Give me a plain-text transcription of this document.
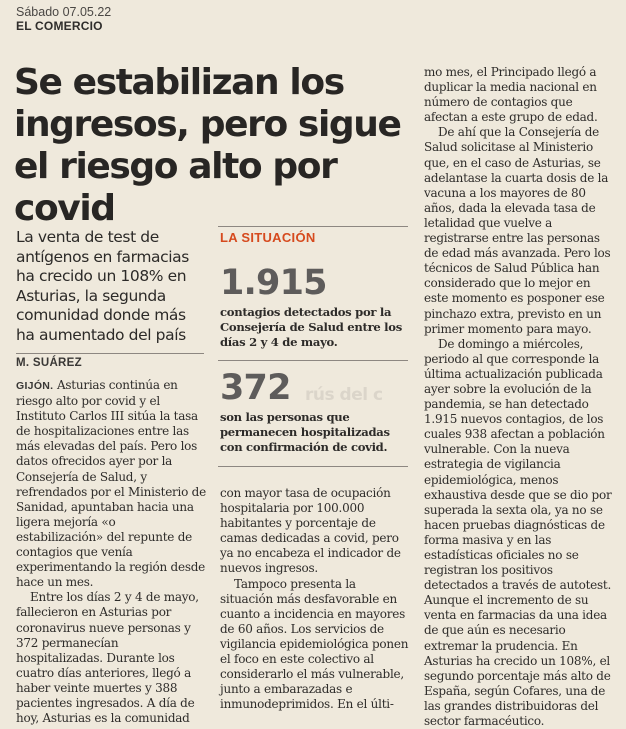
Sábado 07.05.22
EL COMERCIO
Se estabilizan los ingresos, pero sigue el riesgo alto por covid
La venta de test de antígenos en farmacias ha crecido un 108% en Asturias, la segunda comunidad donde más ha aumentado del país
M. SUÁREZ
LA SITUACIÓN
1.915
contagios detectados por la Consejería de Salud entre los días 2 y 4 de mayo.
372
son las personas que permanecen hospitalizadas con confirmación de covid.
rús del c
GIJÓN. Asturias continúa en riesgo alto por covid y el Instituto Carlos III sitúa la tasa de hospitalizaciones entre las más elevadas del país. Pero los datos ofrecidos ayer por la Consejería de Salud, y refrendados por el Ministerio de Sanidad, apuntaban hacia una ligera mejoría «o estabilización» del repunte de contagios que venía experimentando la región desde hace un mes.
Entre los días 2 y 4 de mayo, fallecieron en Asturias por coronavirus nueve personas y 372 permanecían hospitalizadas. Durante los cuatro días anteriores, llegó a haber veinte muertes y 388 pacientes ingresados. A día de hoy, Asturias es la comunidad
con mayor tasa de ocupación hospitalaria por 100.000 habitantes y porcentaje de camas dedicadas a covid, pero ya no encabeza el indicador de nuevos ingresos.
Tampoco presenta la situación más desfavorable en cuanto a incidencia en mayores de 60 años. Los servicios de vigilancia epidemiológica ponen el foco en este colectivo al considerarlo el más vulnerable, junto a embarazadas e inmunodeprimidos. En el últi-
mo mes, el Principado llegó a duplicar la media nacional en número de contagios que afectan a este grupo de edad.
De ahí que la Consejería de Salud solicitase al Ministerio que, en el caso de Asturias, se adelantase la cuarta dosis de la vacuna a los mayores de 80 años, dada la elevada tasa de letalidad que vuelve a registrarse entre las personas de edad más avanzada. Pero los técnicos de Salud Pública han considerado que lo mejor en este momento es posponer ese pinchazo extra, previsto en un primer momento para mayo.
De domingo a miércoles, periodo al que corresponde la última actualización publicada ayer sobre la evolución de la pandemia, se han detectado 1.915 nuevos contagios, de los cuales 938 afectan a población vulnerable. Con la nueva estrategia de vigilancia epidemiológica, menos exhaustiva desde que se dio por superada la sexta ola, ya no se hacen pruebas diagnósticas de forma masiva y en las estadísticas oficiales no se registran los positivos detectados a través de autotest. Aunque el incremento de su venta en farmacias da una idea de que aún es necesario extremar la prudencia. En Asturias ha crecido un 108%, el segundo porcentaje más alto de España, según Cofares, una de las grandes distribuidoras del sector farmacéutico.
